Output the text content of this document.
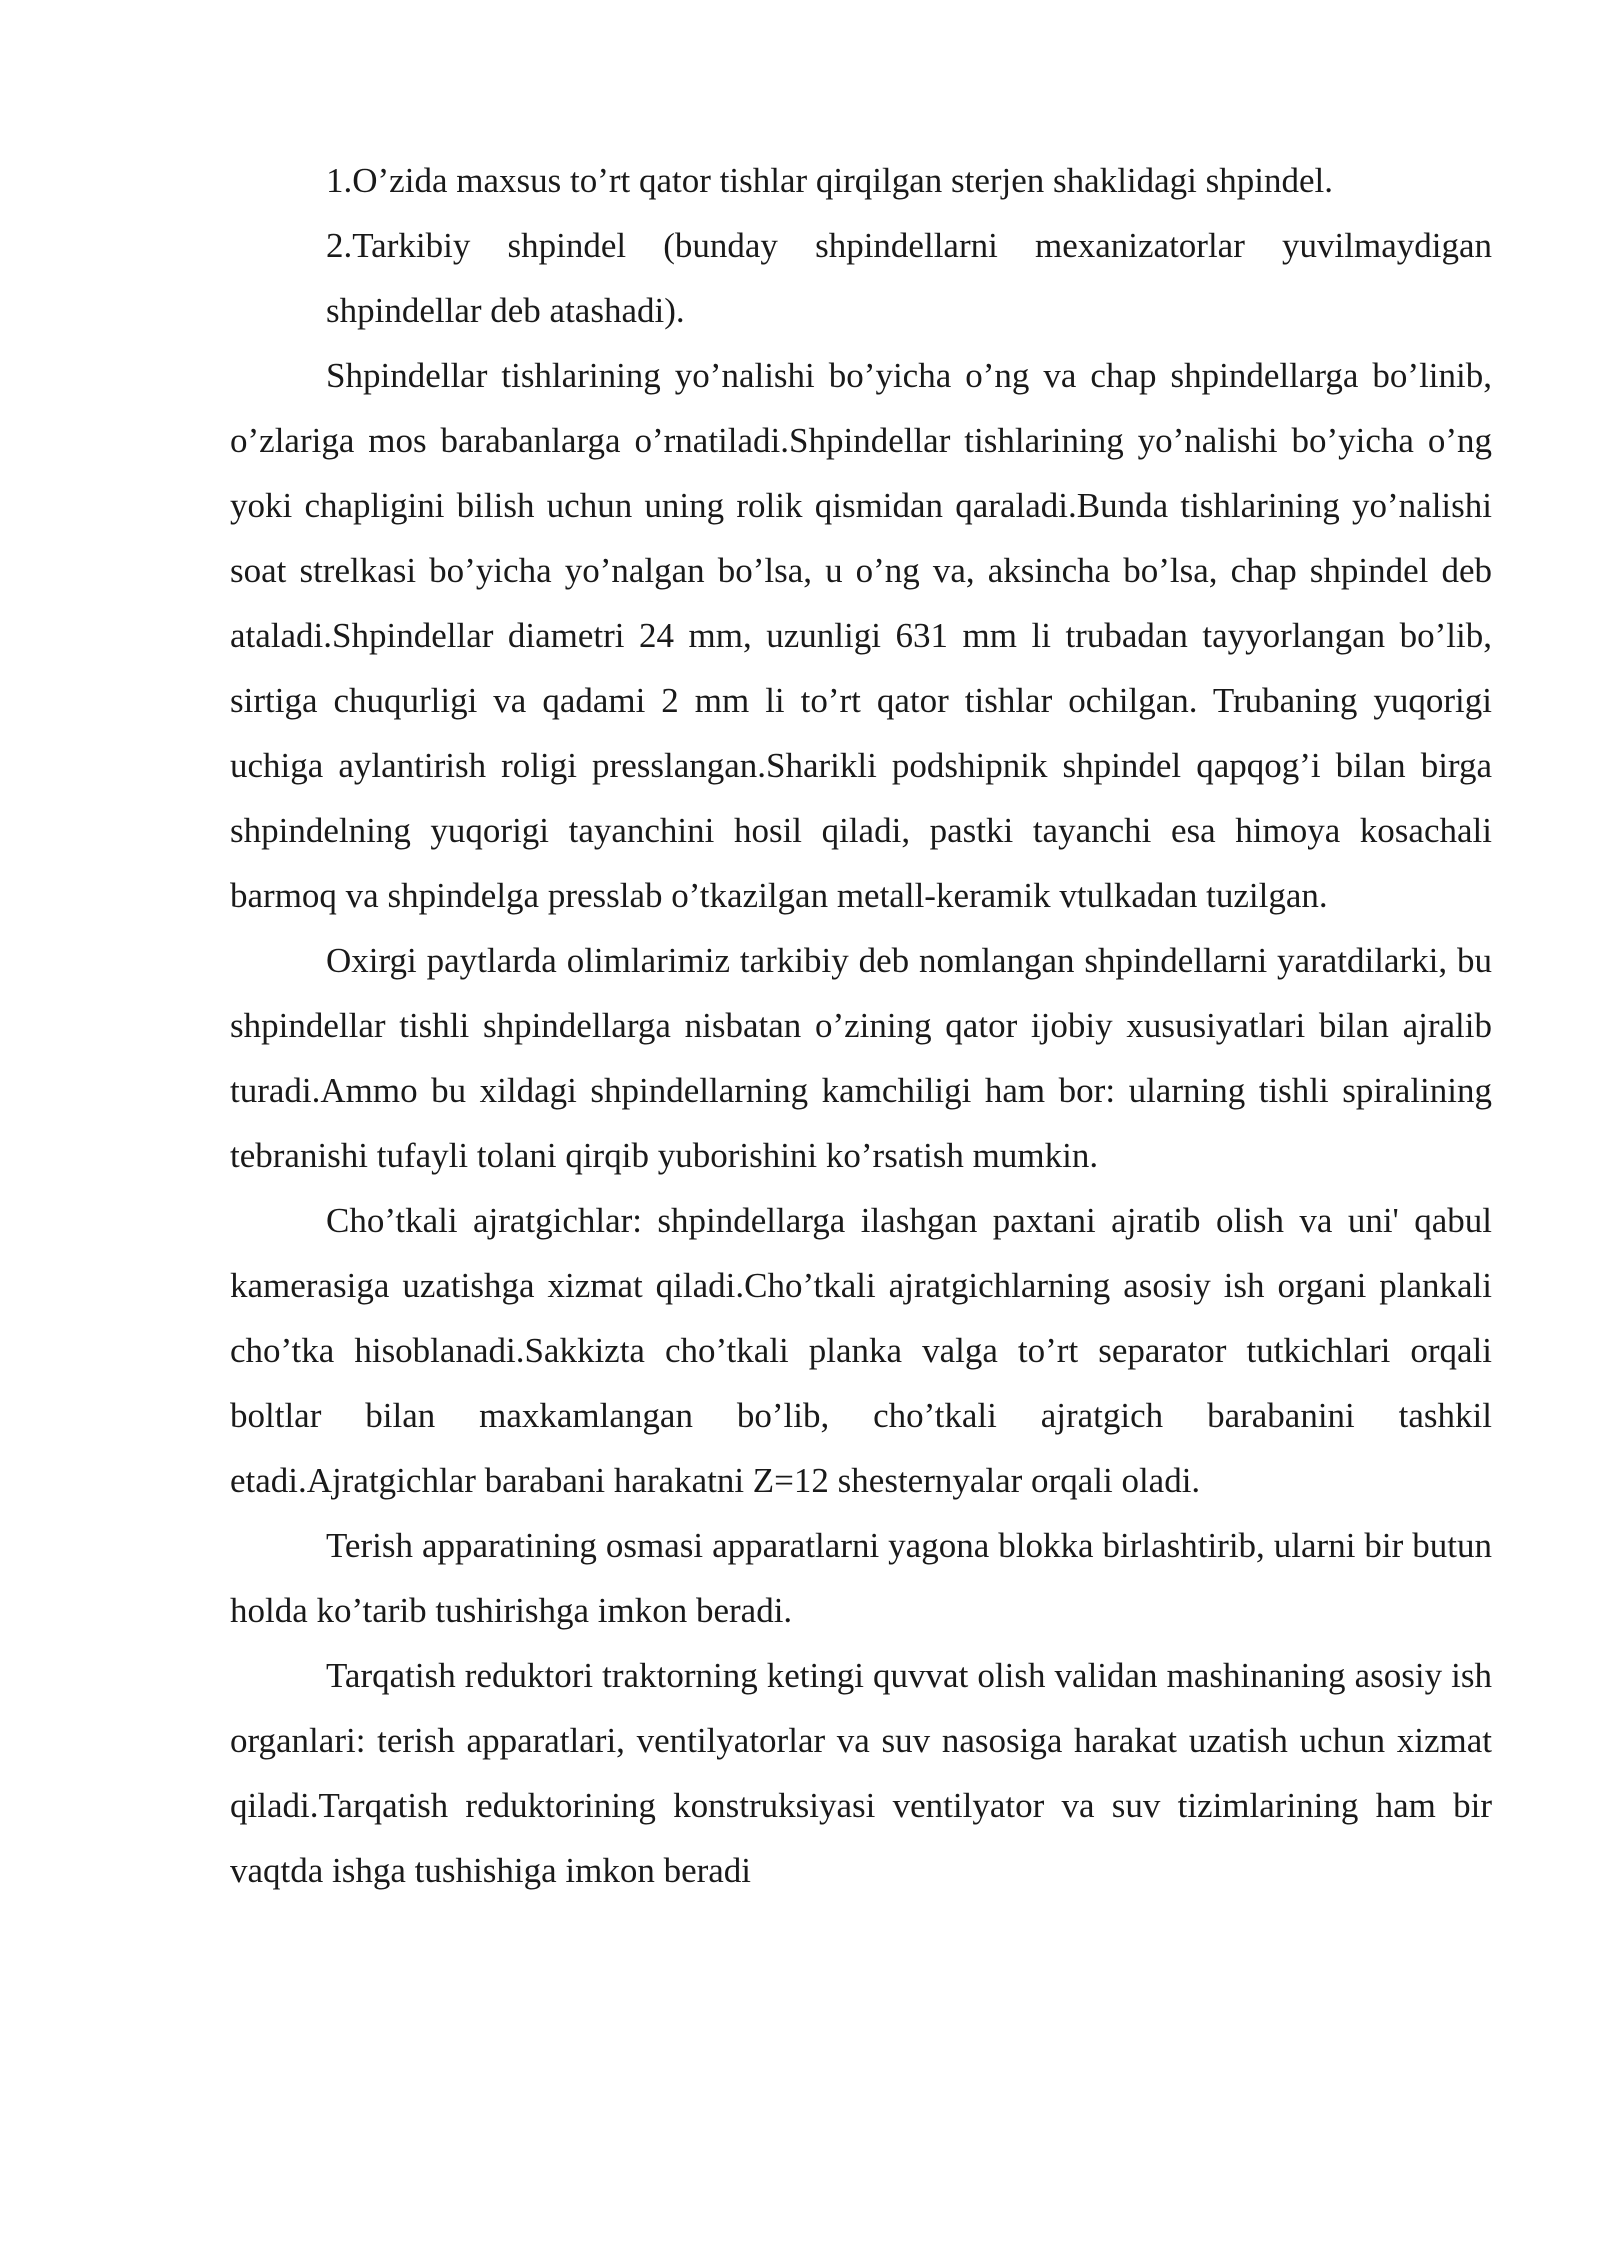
1.O’zida maxsus to’rt qator tishlar qirqilgan sterjen shaklidagi shpindel.

2.Tarkibiy shpindel (bunday shpindellarni mexanizatorlar yuvilmaydigan shpindellar deb atashadi).

Shpindellar tishlarining yo’nalishi bo’yicha o’ng va chap shpindellarga bo’linib, o’zlariga mos barabanlarga o’rnatiladi.Shpindellar tishlarining yo’nalishi bo’yicha o’ng yoki chapligini bilish uchun uning rolik qismidan qaraladi.Bunda tishlarining yo’nalishi soat strelkasi bo’yicha yo’nalgan bo’lsa, u o’ng va, aksincha bo’lsa, chap shpindel deb ataladi.Shpindellar diametri 24 mm, uzunligi 631 mm li trubadan tayyorlangan bo’lib, sirtiga chuqurligi va qadami 2 mm li to’rt qator tishlar ochilgan. Trubaning yuqorigi uchiga aylantirish roligi presslangan.Sharikli podshipnik shpindel qapqog’i bilan birga shpindelning yuqorigi tayanchini hosil qiladi, pastki tayanchi esa himoya kosachali barmoq va shpindelga presslab o’tkazilgan metall-keramik vtulkadan tuzilgan.

Oxirgi paytlarda olimlarimiz tarkibiy deb nomlangan shpindellarni yaratdilarki, bu shpindellar tishli shpindellarga nisbatan o’zining qator ijobiy xususiyatlari bilan ajralib turadi.Ammo bu xildagi shpindellarning kamchiligi ham bor: ularning tishli spiralining tebranishi tufayli tolani qirqib yuborishini ko’rsatish mumkin.

Cho’tkali ajratgichlar: shpindellarga ilashgan paxtani ajratib olish va uni' qabul kamerasiga uzatishga xizmat qiladi.Cho’tkali ajratgichlarning asosiy ish organi plankali cho’tka hisoblanadi.Sakkizta cho’tkali planka valga to’rt separator tutkichlari orqali boltlar bilan maxkamlangan bo’lib, cho’tkali ajratgich barabanini tashkil etadi.Ajratgichlar barabani harakatni Z=12 shesternyalar orqali oladi.

Terish apparatining osmasi apparatlarni yagona blokka birlashtirib, ularni bir butun holda ko’tarib tushirishga imkon beradi.

Tarqatish reduktori traktorning ketingi quvvat olish validan mashinaning asosiy ish organlari: terish apparatlari, ventilyatorlar va suv nasosiga harakat uzatish uchun xizmat qiladi.Tarqatish reduktorining konstruksiyasi ventilyator va suv tizimlarining ham bir vaqtda ishga tushishiga imkon beradi
